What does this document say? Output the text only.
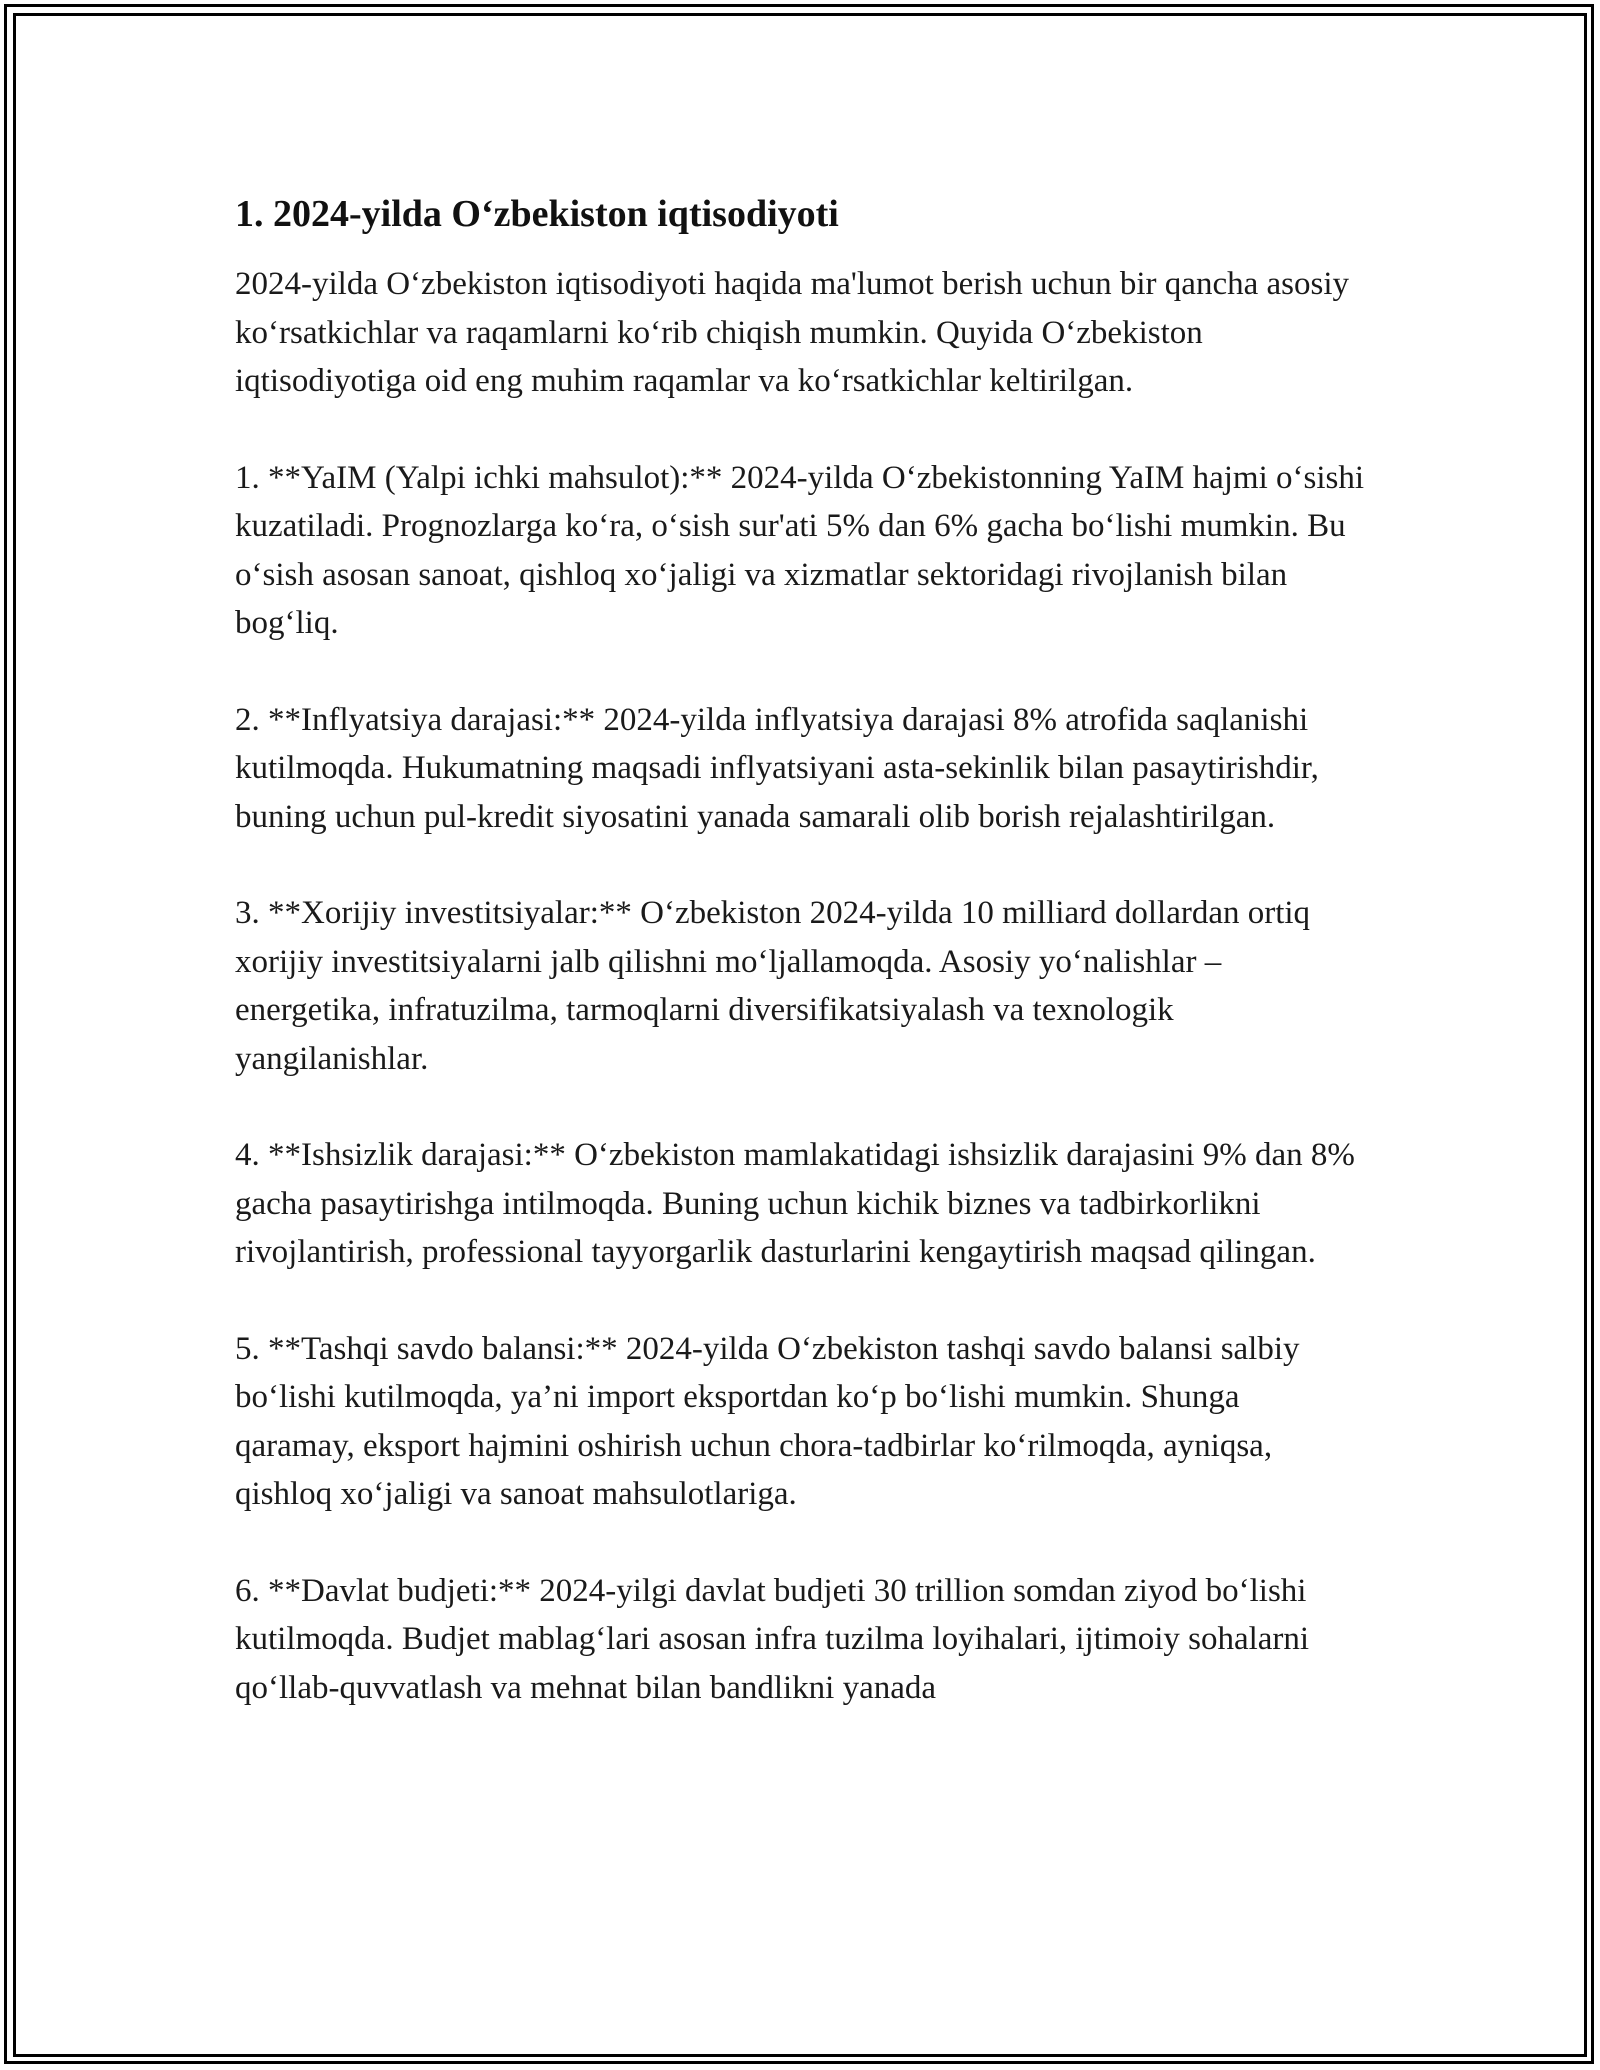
1. 2024-yilda O‘zbekiston iqtisodiyoti

2024-yilda O‘zbekiston iqtisodiyoti haqida ma'lumot berish uchun bir qancha asosiy ko‘rsatkichlar va raqamlarni ko‘rib chiqish mumkin. Quyida O‘zbekiston iqtisodiyotiga oid eng muhim raqamlar va ko‘rsatkichlar keltirilgan.

1. **YaIM (Yalpi ichki mahsulot):** 2024-yilda O‘zbekistonning YaIM hajmi o‘sishi kuzatiladi. Prognozlarga ko‘ra, o‘sish sur'ati 5% dan 6% gacha bo‘lishi mumkin. Bu o‘sish asosan sanoat, qishloq xo‘jaligi va xizmatlar sektoridagi rivojlanish bilan bog‘liq.

2. **Inflyatsiya darajasi:** 2024-yilda inflyatsiya darajasi 8% atrofida saqlanishi kutilmoqda. Hukumatning maqsadi inflyatsiyani asta-sekinlik bilan pasaytirishdir, buning uchun pul-kredit siyosatini yanada samarali olib borish rejalashtirilgan.

3. **Xorijiy investitsiyalar:** O‘zbekiston 2024-yilda 10 milliard dollardan ortiq xorijiy investitsiyalarni jalb qilishni mo‘ljallamoqda. Asosiy yo‘nalishlar – energetika, infratuzilma, tarmoqlarni diversifikatsiyalash va texnologik yangilanishlar.

4. **Ishsizlik darajasi:** O‘zbekiston mamlakatidagi ishsizlik darajasini 9% dan 8% gacha pasaytirishga intilmoqda. Buning uchun kichik biznes va tadbirkorlikni rivojlantirish, professional tayyorgarlik dasturlarini kengaytirish maqsad qilingan.

5. **Tashqi savdo balansi:** 2024-yilda O‘zbekiston tashqi savdo balansi salbiy bo‘lishi kutilmoqda, ya’ni import eksportdan ko‘p bo‘lishi mumkin. Shunga qaramay, eksport hajmini oshirish uchun chora-tadbirlar ko‘rilmoqda, ayniqsa, qishloq xo‘jaligi va sanoat mahsulotlariga.

6. **Davlat budjeti:** 2024-yilgi davlat budjeti 30 trillion somdan ziyod bo‘lishi kutilmoqda. Budjet mablag‘lari asosan infra tuzilma loyihalari, ijtimoiy sohalarni qo‘llab-quvvatlash va mehnat bilan bandlikni yanada
